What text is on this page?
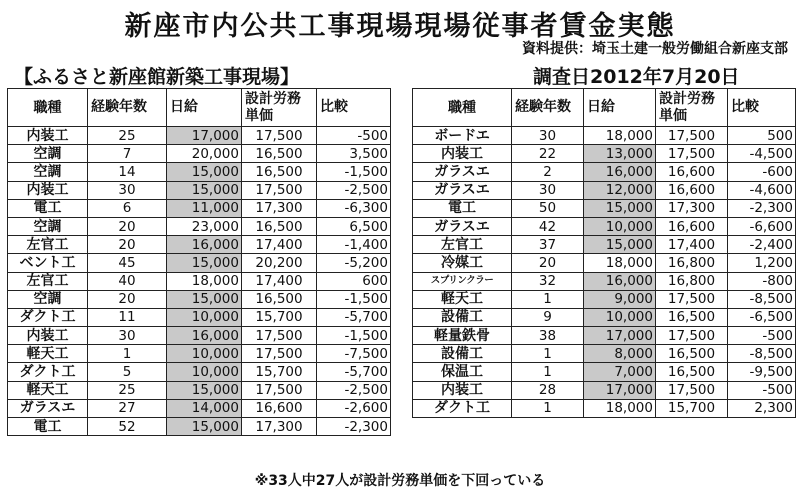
新座市内公共工事現場現場従事者賃金実態
資料提供：埼玉土建一般労働組合新座支部
【ふるさと新座館新築工事現場】	調査日2012年7月20日
職種	経験年数	日給	設計労務
単価	比較
内装工	25	17,000	17,500	-500
空調	7	20,000	16,500	3,500
空調	14	15,000	16,500	-1,500
内装工	30	15,000	17,500	-2,500
電工	6	11,000	17,300	-6,300
空調	20	23,000	16,500	6,500
左官工	20	16,000	17,400	-1,400
ベント工	45	15,000	20,200	-5,200
左官工	40	18,000	17,400	600
空調	20	15,000	16,500	-1,500
ダクト工	11	10,000	15,700	-5,700
内装工	30	16,000	17,500	-1,500
軽天工	1	10,000	17,500	-7,500
ダクト工	5	10,000	15,700	-5,700
軽天工	25	15,000	17,500	-2,500
ガラスエ	27	14,000	16,600	-2,600
電工	52	15,000	17,300	-2,300
職種	経験年数	日給	設計労務
単価	比較
ボードエ	30	18,000	17,500	500
内装工	22	13,000	17,500	-4,500
ガラスエ	2	16,000	16,600	-600
ガラスエ	30	12,000	16,600	-4,600
電工	50	15,000	17,300	-2,300
ガラスエ	42	10,000	16,600	-6,600
左官工	37	15,000	17,400	-2,400
冷媒工	20	18,000	16,800	1,200
スプリンクラー	32	16,000	16,800	-800
軽天工	1	9,000	17,500	-8,500
設備工	9	10,000	16,500	-6,500
軽量鉄骨	38	17,000	17,500	-500
設備工	1	8,000	16,500	-8,500
保温工	1	7,000	16,500	-9,500
内装工	28	17,000	17,500	-500
ダクト工	1	18,000	15,700	2,300
※33人中27人が設計労務単価を下回っている
